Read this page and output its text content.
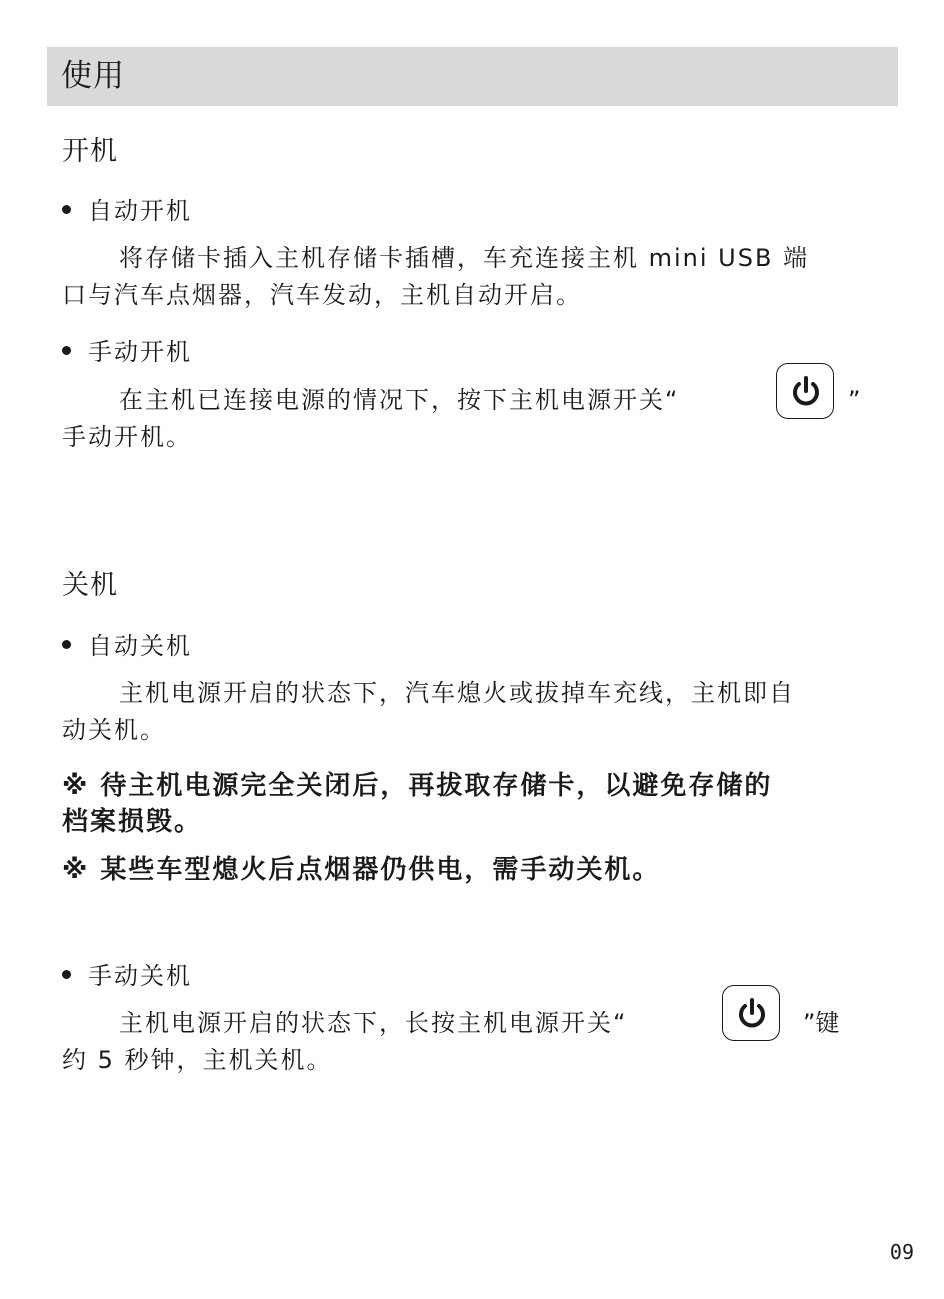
使用
开机
自动开机
将存储卡插入主机存储卡插槽，车充连接主机 mini USB 端
口与汽车点烟器，汽车发动，主机自动开启。
手动开机
在主机已连接电源的情况下，按下主机电源开关“
手动开机。
”
关机
自动关机
主机电源开启的状态下，汽车熄火或拔掉车充线，主机即自
动关机。
※ 待主机电源完全关闭后，再拔取存储卡，以避免存储的
档案损毁。
※ 某些车型熄火后点烟器仍供电，需手动关机。
手动关机
主机电源开启的状态下，长按主机电源开关“
约 5 秒钟，主机关机。
”键
09
